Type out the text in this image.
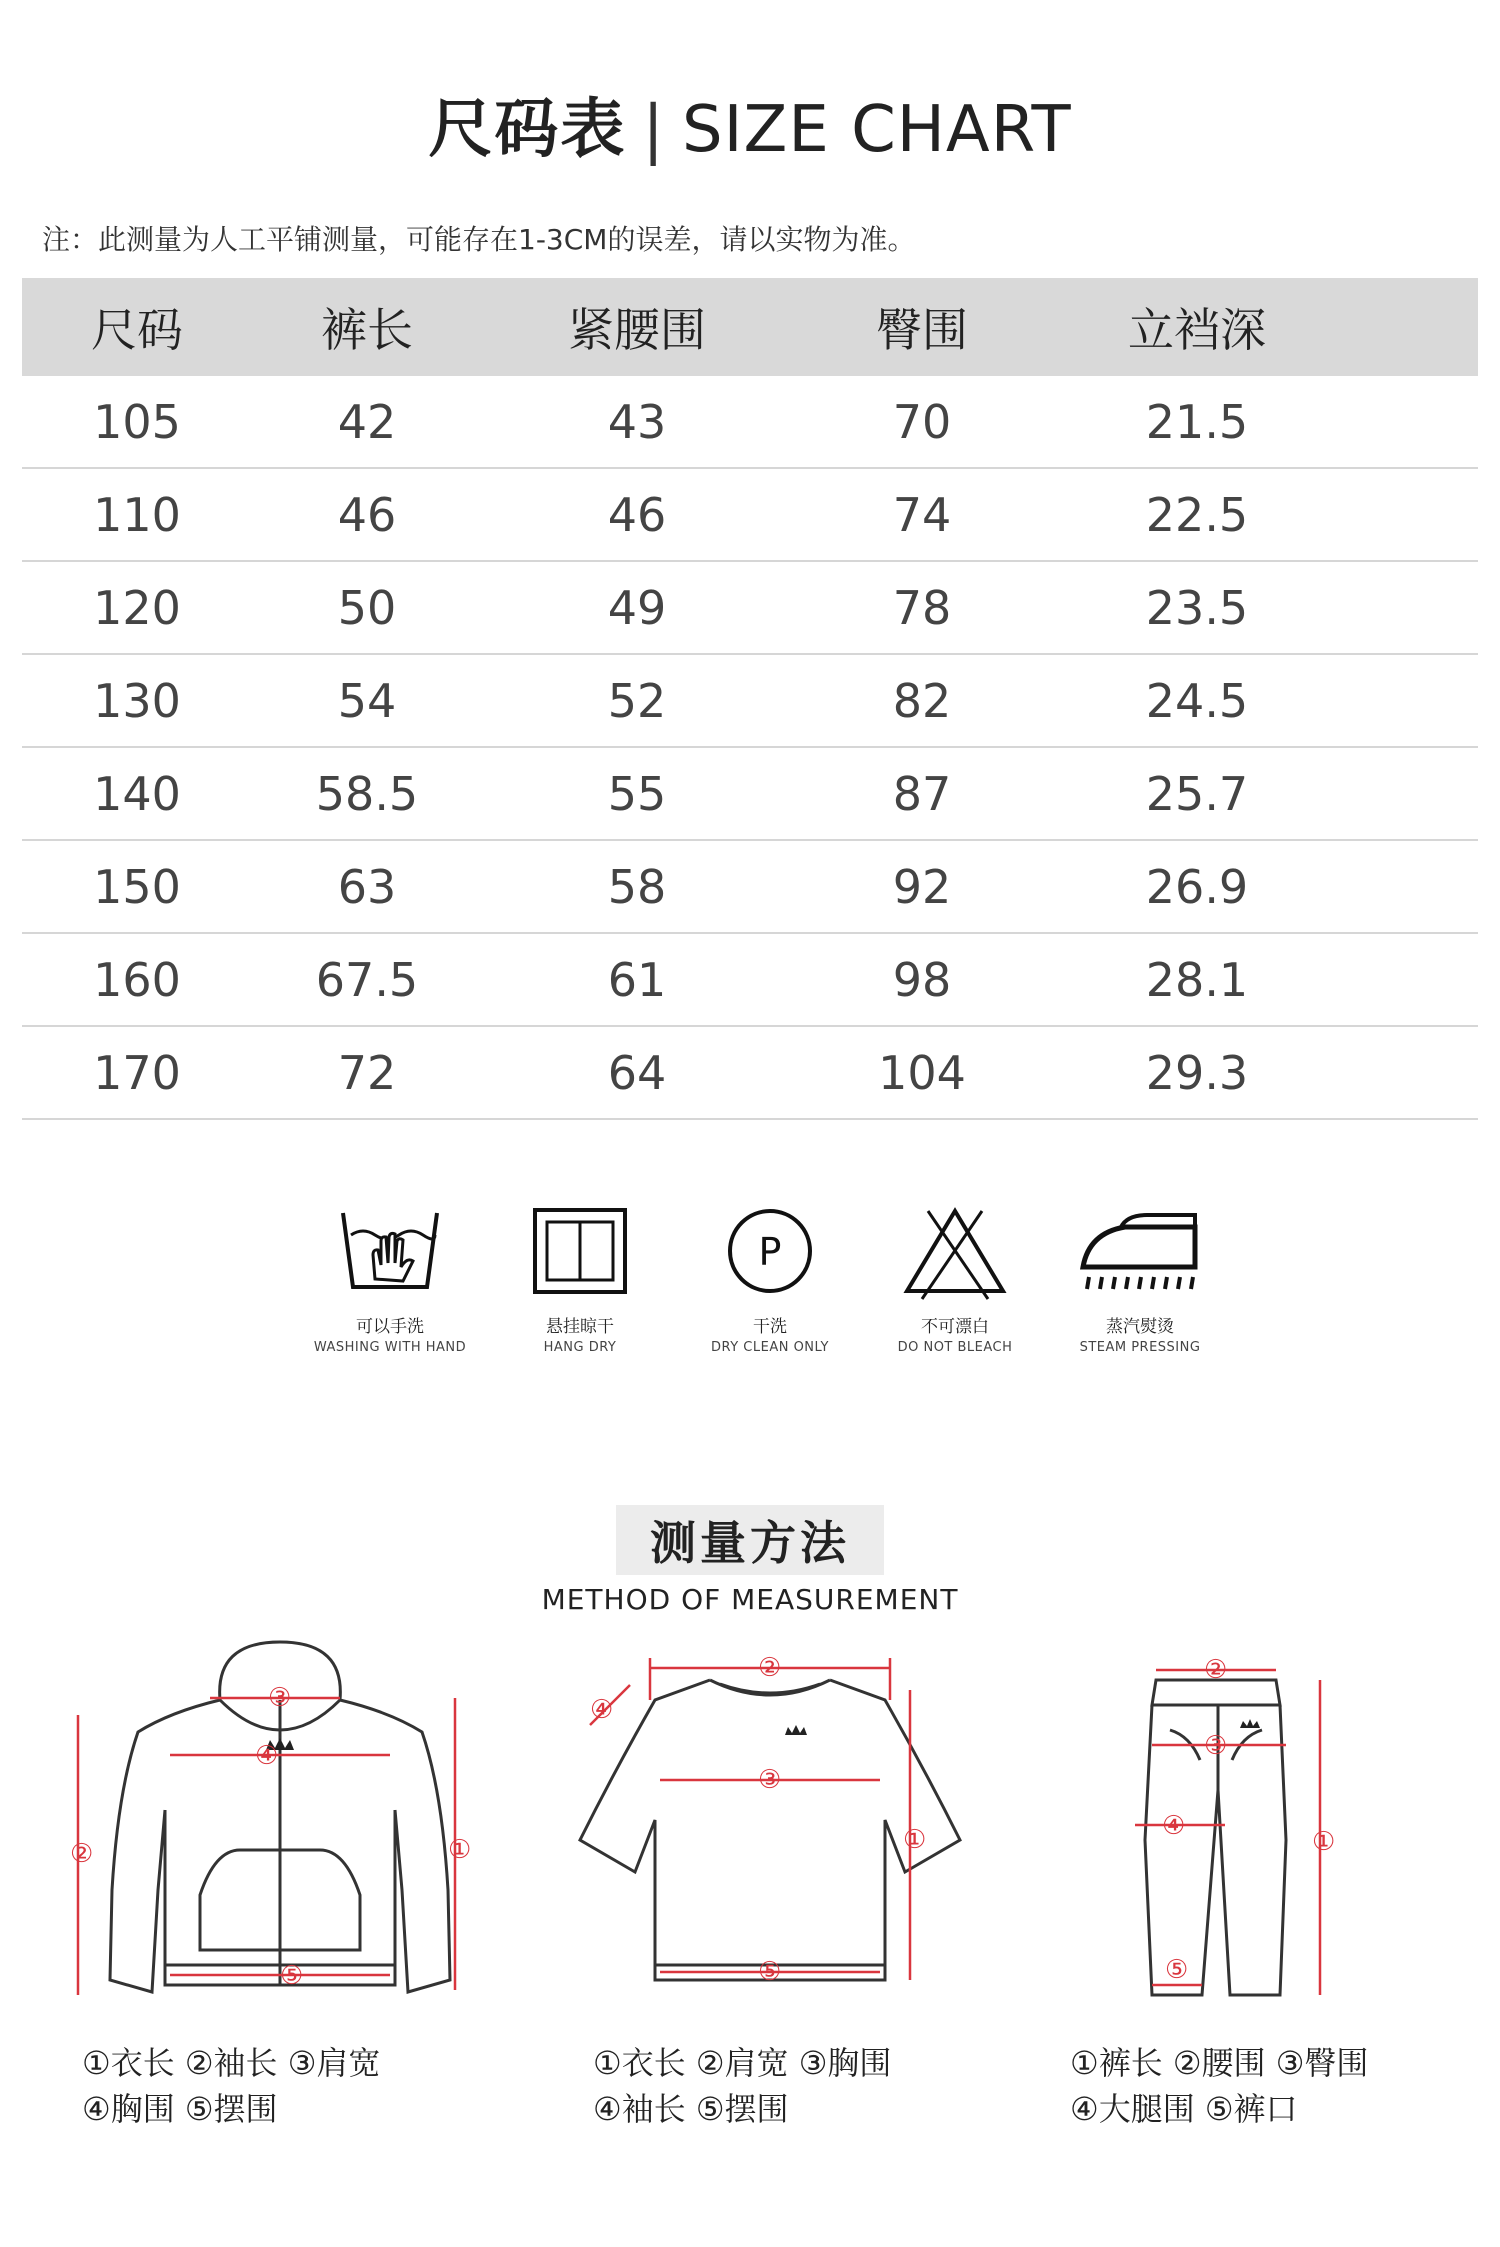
尺码表 | SIZE CHART
注：此测量为人工平铺测量，可能存在1-3CM的误差，请以实物为准。
尺码	裤长	紧腰围	臀围	立裆深
105	42	43	70	21.5
110	46	46	74	22.5
120	50	49	78	23.5
130	54	52	82	24.5
140	58.5	55	87	25.7
150	63	58	92	26.9
160	67.5	61	98	28.1
170	72	64	104	29.3
可以手洗
WASHING WITH HAND
悬挂晾干
HANG DRY
P
干洗
DRY CLEAN ONLY
不可漂白
DO NOT BLEACH
蒸汽熨烫
STEAM PRESSING
测量方法
METHOD OF MEASUREMENT
①
②
③
④
⑤
①衣长 ②袖长 ③肩宽
④胸围 ⑤摆围
①
②
③
④
⑤
①衣长 ②肩宽 ③胸围
④袖长 ⑤摆围
①
②
③
④
⑤
①裤长 ②腰围 ③臀围
④大腿围 ⑤裤口
